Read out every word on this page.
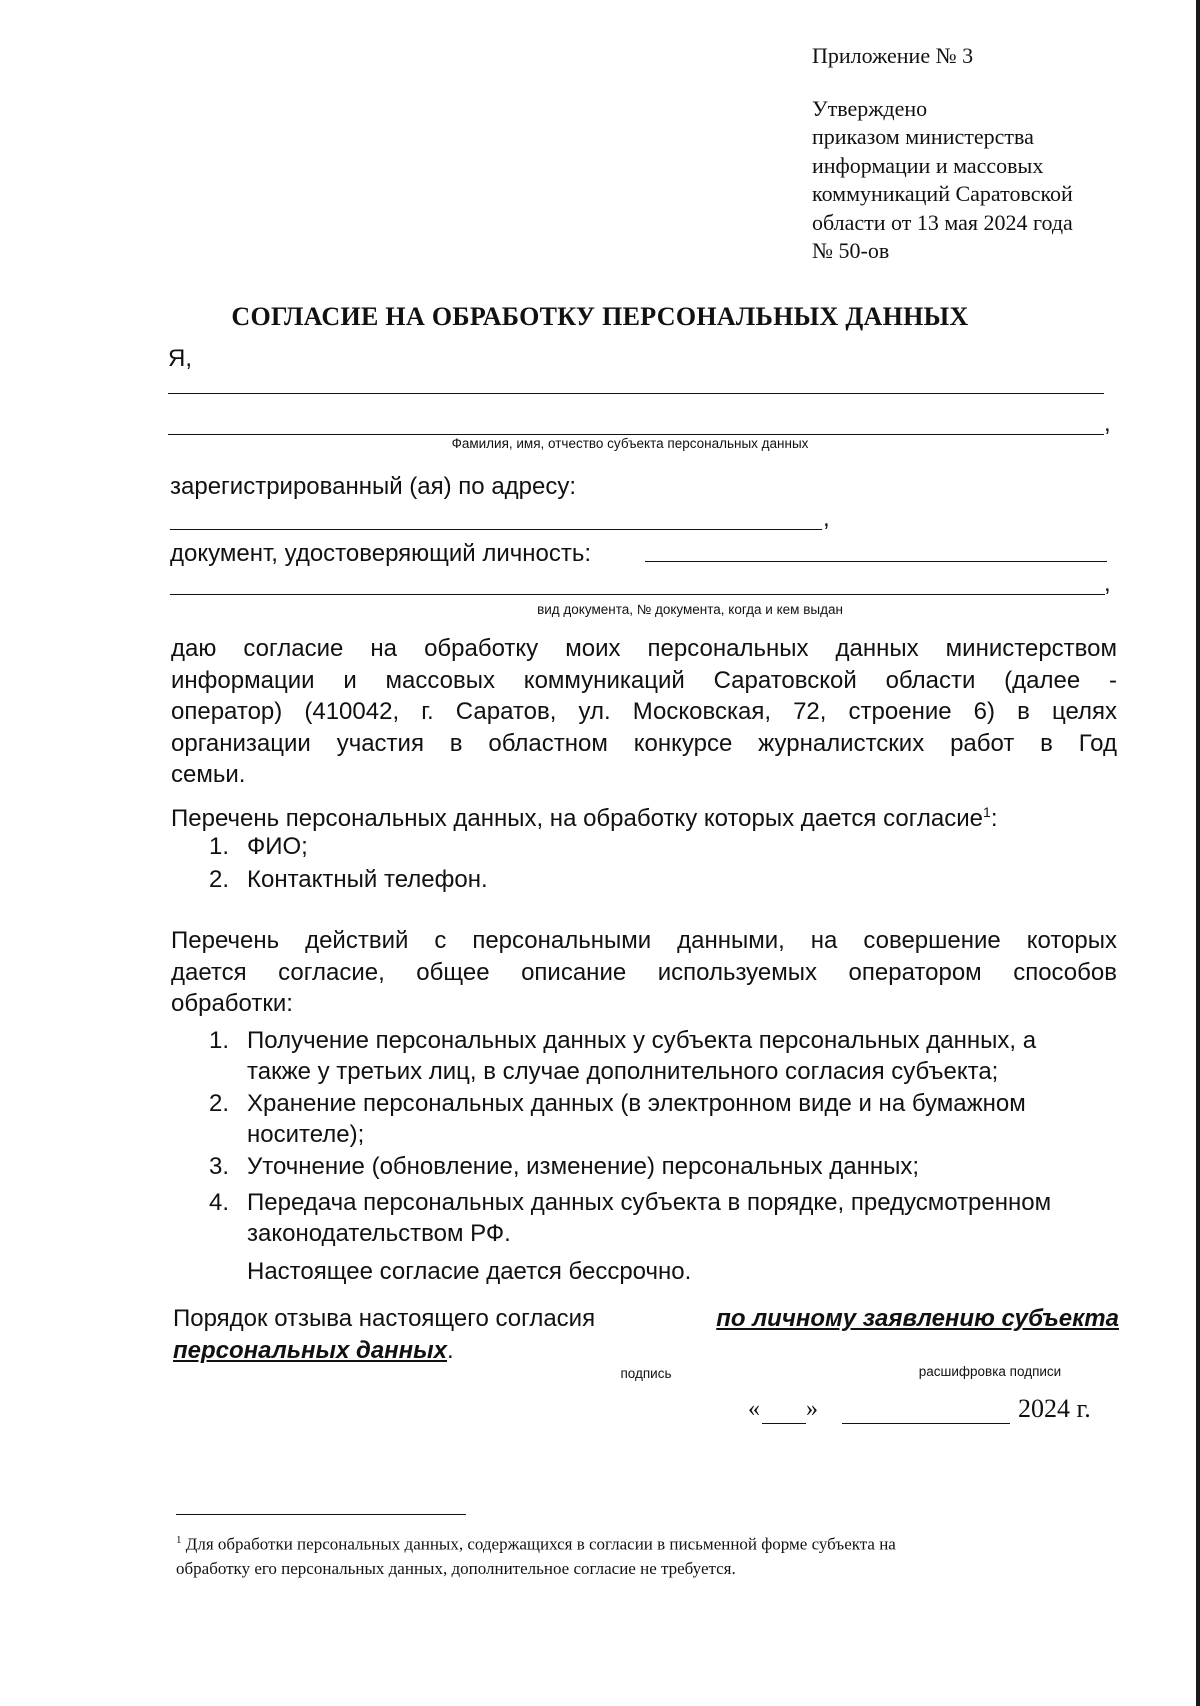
Приложение № 3
Утверждено
приказом министерства
информации и массовых
коммуникаций Саратовской
области от 13 мая 2024 года
№ 50-ов
СОГЛАСИЕ НА ОБРАБОТКУ ПЕРСОНАЛЬНЫХ ДАННЫХ
Я,
,
Фамилия, имя, отчество субъекта персональных данных
зарегистрированный (ая) по адресу:
,
документ, удостоверяющий личность:
,
вид документа, № документа, когда и кем выдан
даю согласие на обработку моих персональных данных министерством
информации и массовых коммуникаций Саратовской области (далее -
оператор) (410042, г. Саратов, ул. Московская, 72, строение 6) в целях
организации участия в областном конкурсе журналистских работ в Год
семьи.
Перечень персональных данных, на обработку которых дается согласие$^1$:
1. ФИО;
2. Контактный телефон.
Перечень действий с персональными данными, на совершение которых
дается согласие, общее описание используемых оператором способов
обработки:
1. Получение персональных данных у субъекта персональных данных, а
также у третьих лиц, в случае дополнительного согласия субъекта;
2. Хранение персональных данных (в электронном виде и на бумажном
носителе);
3. Уточнение (обновление, изменение) персональных данных;
4. Передача персональных данных субъекта в порядке, предусмотренном
законодательством РФ.
Настоящее согласие дается бессрочно.
Порядок отзыва настоящего согласия	по личному заявлению субъекта
персональных данных.
подпись	расшифровка подписи
« »	2024 г.
$^1$ Для обработки персональных данных, содержащихся в согласии в письменной форме субъекта на
обработку его персональных данных, дополнительное согласие не требуется.
